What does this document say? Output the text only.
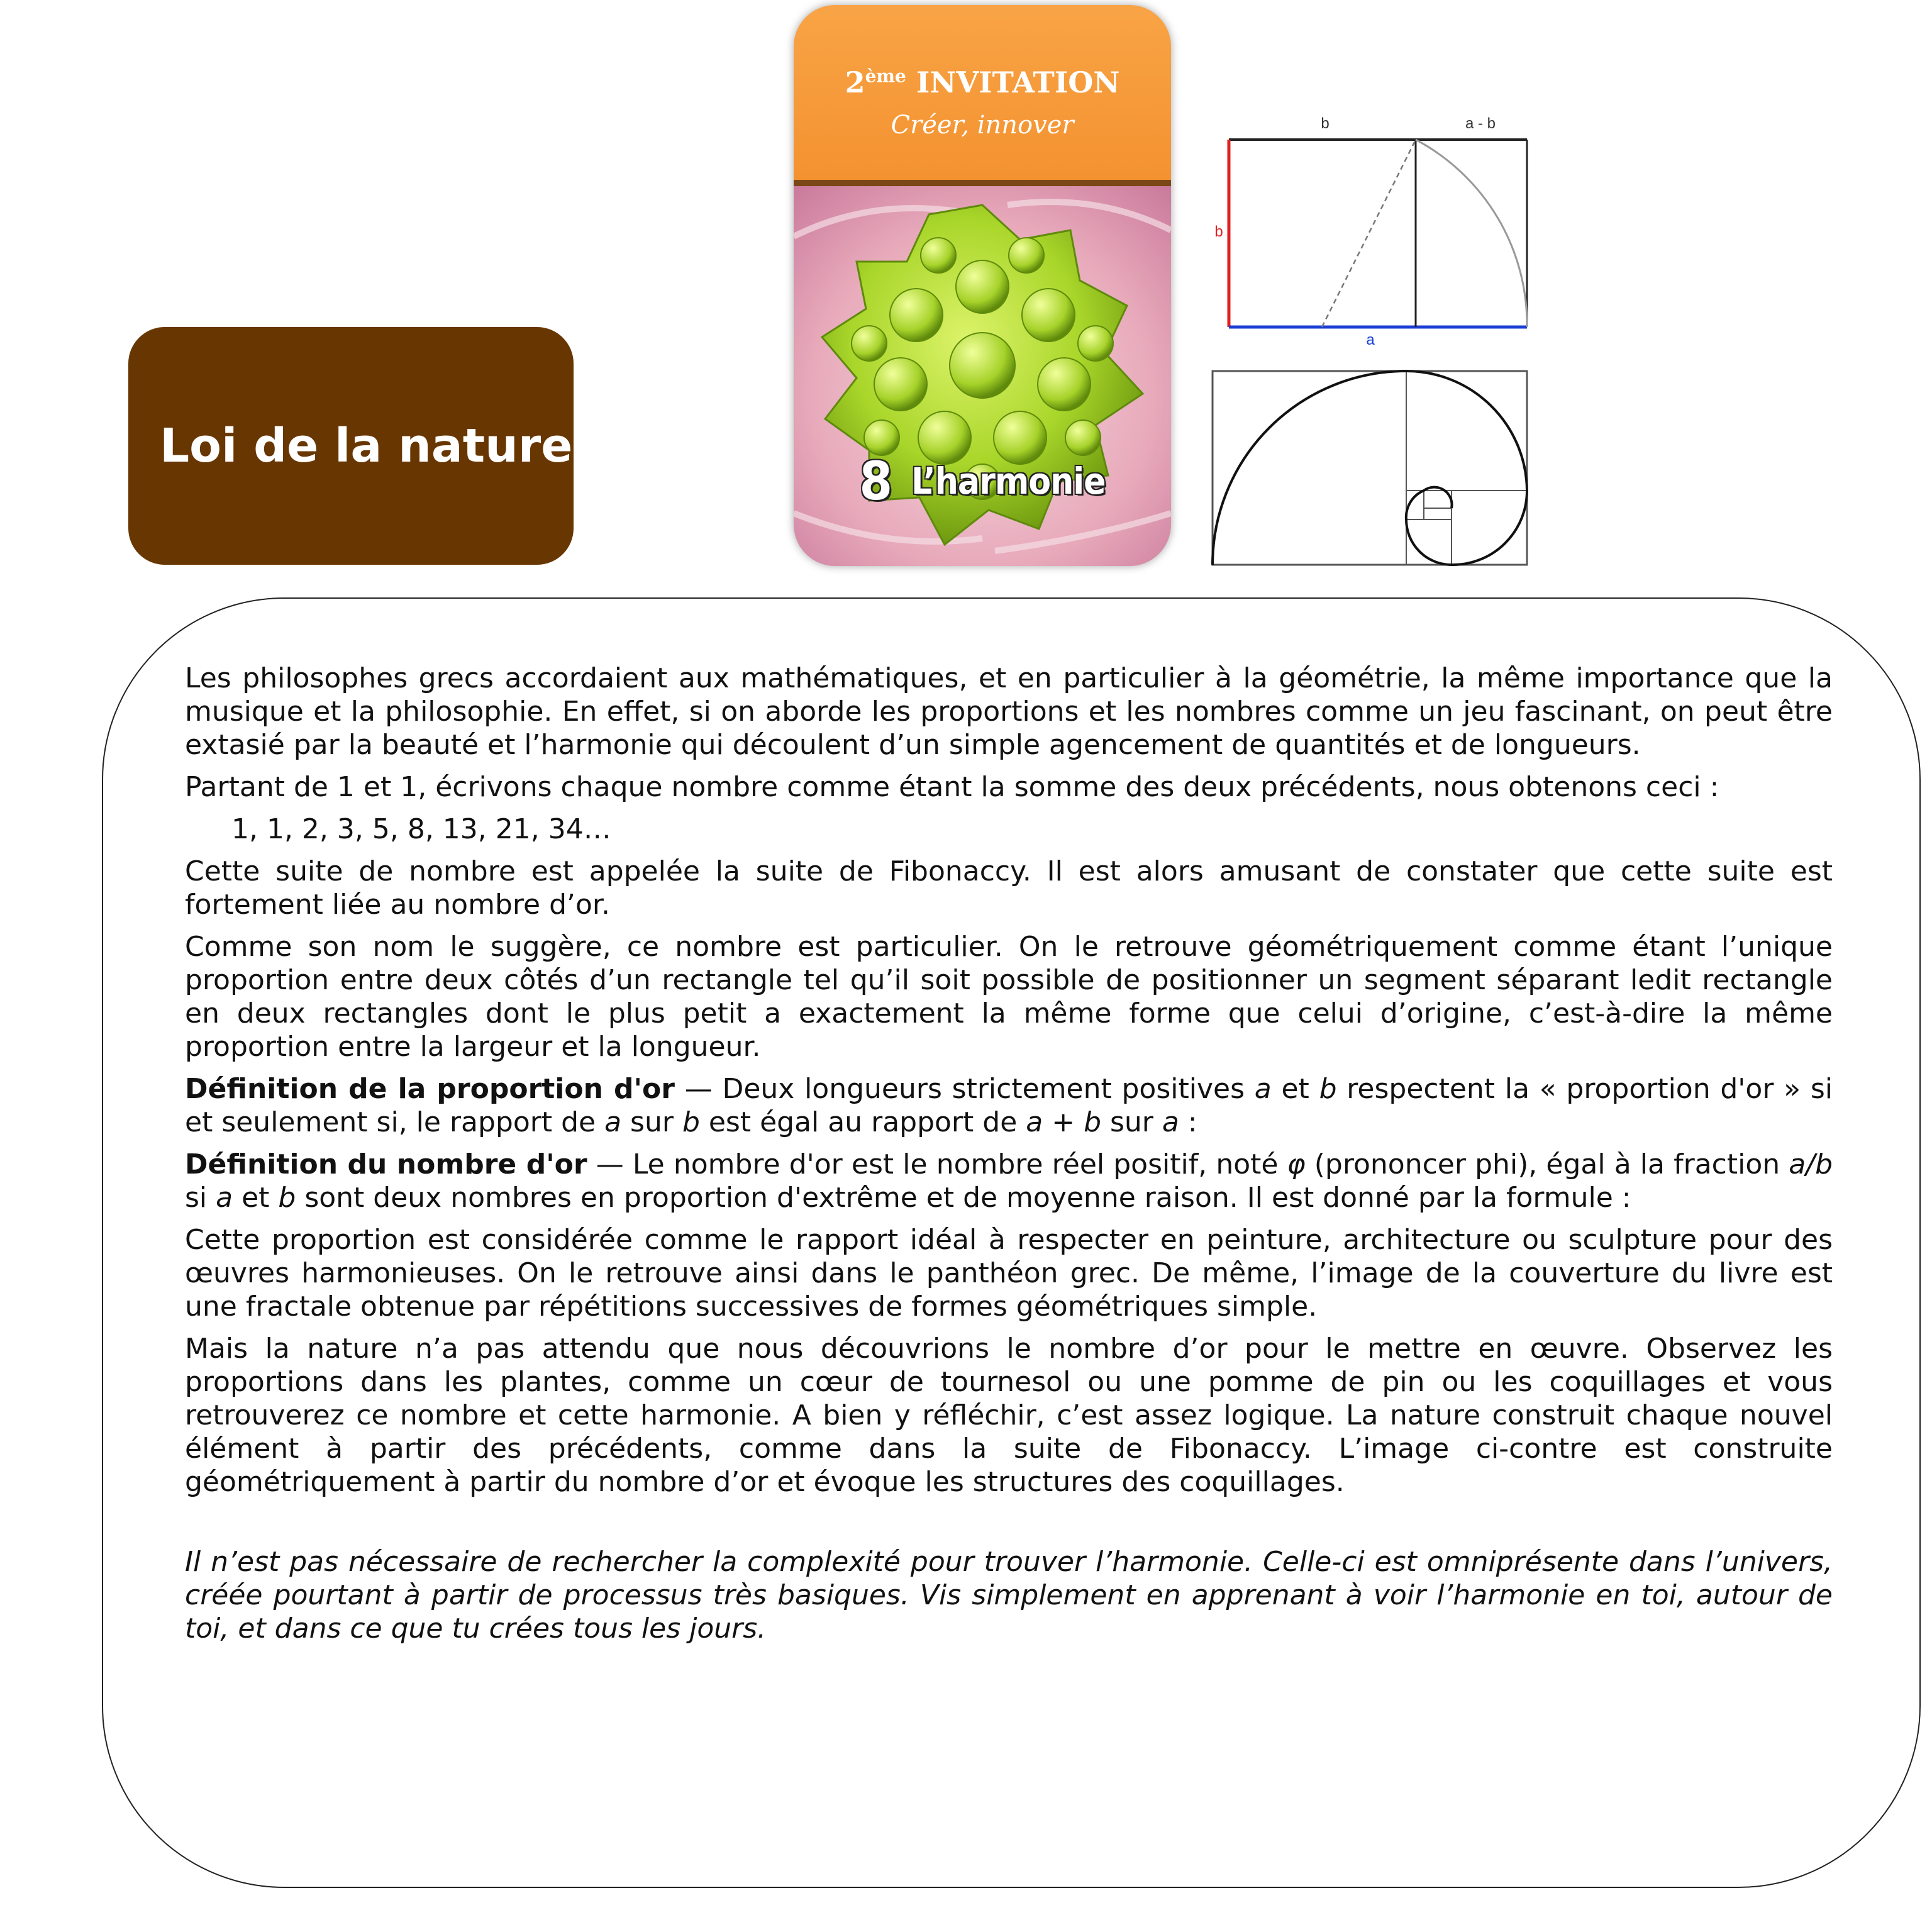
Loi de la nature
2ème INVITATION
Créer, innover
8 L’harmonie
b	a - b
b
a

Les philosophes grecs accordaient aux mathématiques, et en particulier à la géométrie, la même importance que la musique et la philosophie. En effet, si on aborde les proportions et les nombres comme un jeu fascinant, on peut être extasié par la beauté et l’harmonie qui découlent d’un simple agencement de quantités et de longueurs.

Partant de 1 et 1, écrivons chaque nombre comme étant la somme des deux précédents, nous obtenons ceci :

1, 1, 2, 3, 5, 8, 13, 21, 34…

Cette suite de nombre est appelée la suite de Fibonaccy. Il est alors amusant de constater que cette suite est fortement liée au nombre d’or.

Comme son nom le suggère, ce nombre est particulier. On le retrouve géométriquement comme étant l’unique proportion entre deux côtés d’un rectangle tel qu’il soit possible de positionner un segment séparant ledit rectangle en deux rectangles dont le plus petit a exactement la même forme que celui d’origine, c’est-à-dire la même proportion entre la largeur et la longueur.

Définition de la proportion d'or — Deux longueurs strictement positives a et b respectent la « proportion d'or » si et seulement si, le rapport de a sur b est égal au rapport de a + b sur a :

Définition du nombre d'or — Le nombre d'or est le nombre réel positif, noté φ (prononcer phi), égal à la fraction a/b si a et b sont deux nombres en proportion d'extrême et de moyenne raison. Il est donné par la formule :

Cette proportion est considérée comme le rapport idéal à respecter en peinture, architecture ou sculpture pour des œuvres harmonieuses. On le retrouve ainsi dans le panthéon grec. De même, l’image de la couverture du livre est une fractale obtenue par répétitions successives de formes géométriques simple.

Mais la nature n’a pas attendu que nous découvrions le nombre d’or pour le mettre en œuvre. Observez les proportions dans les plantes, comme un cœur de tournesol ou une pomme de pin ou les coquillages et vous retrouverez ce nombre et cette harmonie. A bien y réfléchir, c’est assez logique. La nature construit chaque nouvel élément à partir des précédents, comme dans la suite de Fibonaccy. L’image ci-contre est construite géométriquement à partir du nombre d’or et évoque les structures des coquillages.

Il n’est pas nécessaire de rechercher la complexité pour trouver l’harmonie. Celle-ci est omniprésente dans l’univers, créée pourtant à partir de processus très basiques. Vis simplement en apprenant à voir l’harmonie en toi, autour de toi, et dans ce que tu crées tous les jours.
